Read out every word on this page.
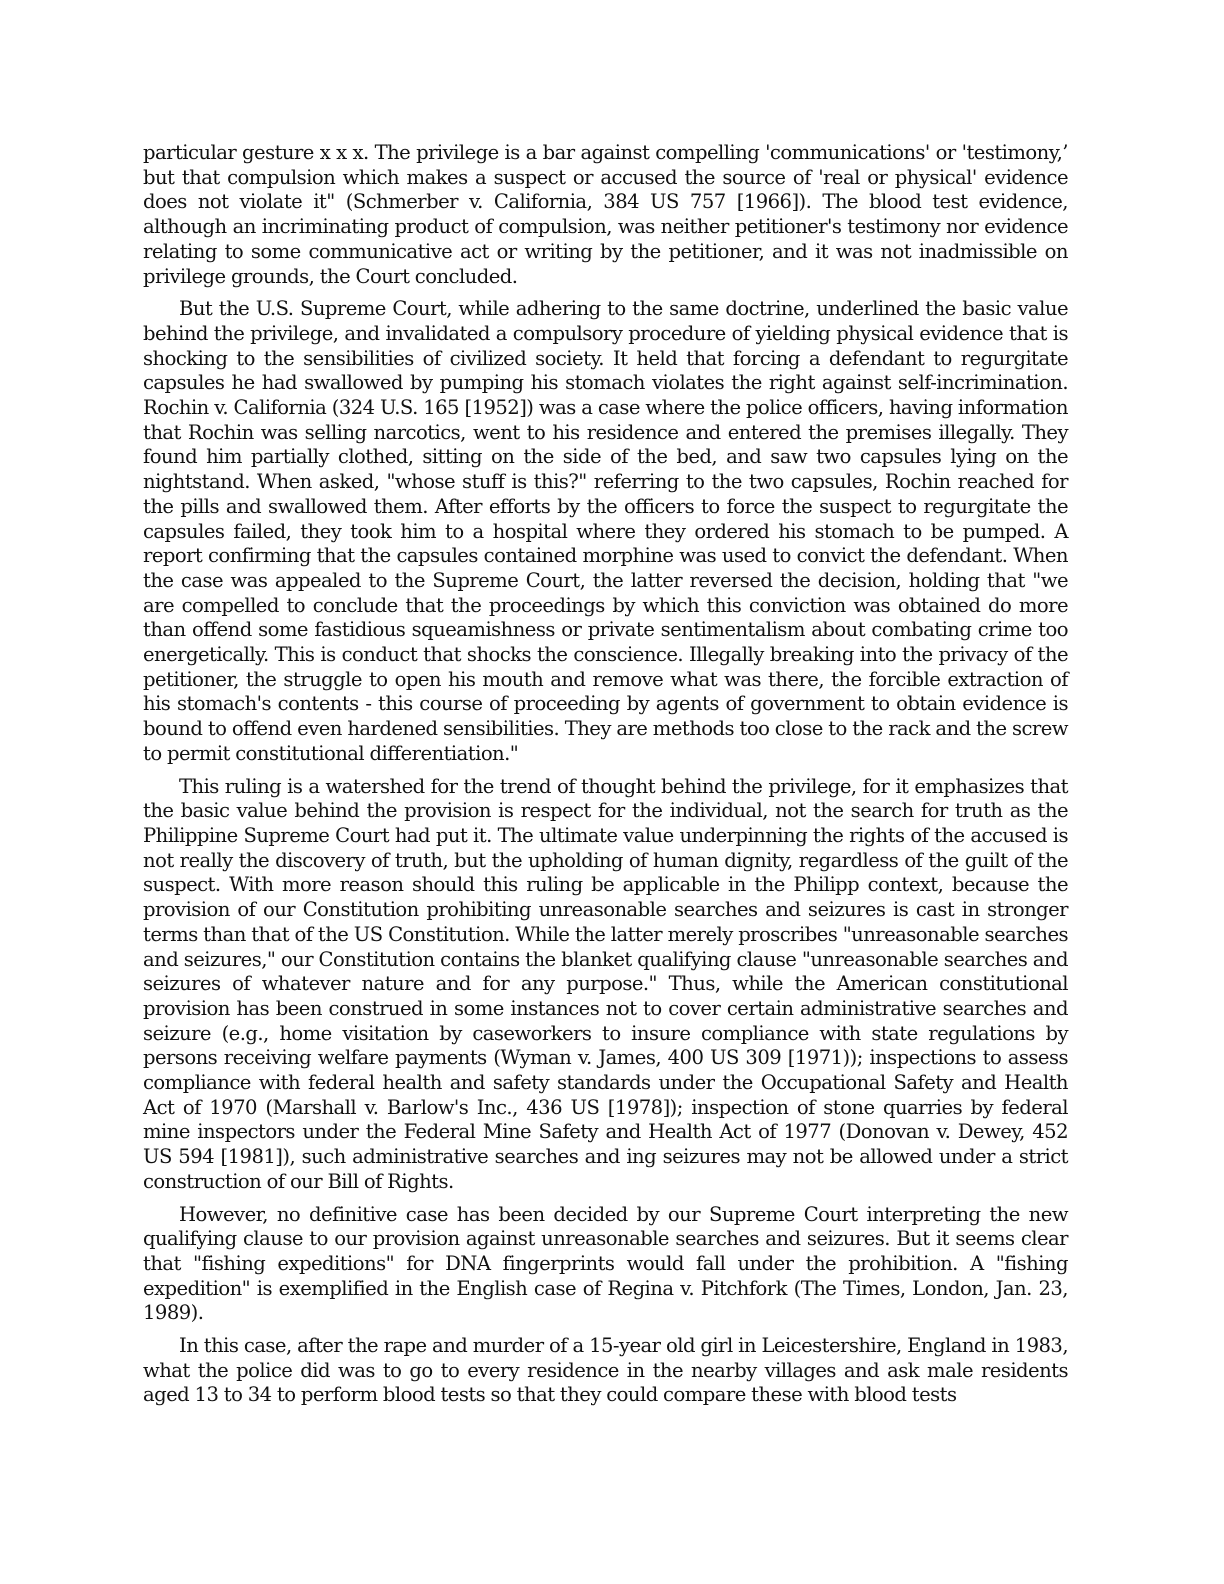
particular gesture x x x. The privilege is a bar against compelling 'communications' or 'testimony,’ but that compulsion which makes a suspect or accused the source of 'real or physical' evidence does not violate it" (Schmerber v. California, 384 US 757 [1966]). The blood test evidence, although an incriminating product of compulsion, was neither petitioner's testimony nor evidence relating to some communicative act or writing by the petitioner, and it was not inadmissible on privilege grounds, the Court concluded.

But the U.S. Supreme Court, while adhering to the same doctrine, underlined the basic value behind the privilege, and invalidated a compulsory procedure of yielding physical evidence that is shocking to the sensibilities of civilized society. It held that forcing a defendant to regurgitate capsules he had swallowed by pumping his stomach violates the right against self-incrimination. Rochin v. California (324 U.S. 165 [1952]) was a case where the police officers, having information that Rochin was selling narcotics, went to his residence and entered the premises illegally. They found him partially clothed, sitting on the side of the bed, and saw two capsules lying on the nightstand. When asked, "whose stuff is this?" referring to the two capsules, Rochin reached for the pills and swallowed them. After efforts by the officers to force the suspect to regurgitate the capsules failed, they took him to a hospital where they ordered his stomach to be pumped. A report confirming that the capsules contained morphine was used to convict the defendant. When the case was appealed to the Supreme Court, the latter reversed the decision, holding that "we are compelled to conclude that the proceedings by which this conviction was obtained do more than offend some fastidious squeamishness or private sentimentalism about combating crime too energetically. This is conduct that shocks the conscience. Illegally breaking into the privacy of the petitioner, the struggle to open his mouth and remove what was there, the forcible extraction of his stomach's contents - this course of proceeding by agents of government to obtain evidence is bound to offend even hardened sensibilities. They are methods too close to the rack and the screw to permit constitutional differentiation."

This ruling is a watershed for the trend of thought behind the privilege, for it emphasizes that the basic value behind the provision is respect for the individual, not the search for truth as the Philippine Supreme Court had put it. The ultimate value underpinning the rights of the accused is not really the discovery of truth, but the upholding of human dignity, regardless of the guilt of the suspect. With more reason should this ruling be applicable in the Philipp context, because the provision of our Constitution prohibiting unreasonable searches and seizures is cast in stronger terms than that of the US Constitution. While the latter merely proscribes "unreasonable searches and seizures," our Constitution contains the blanket qualifying clause "unreasonable searches and seizures of whatever nature and for any purpose." Thus, while the American constitutional provision has been construed in some instances not to cover certain administrative searches and seizure (e.g., home visitation by caseworkers to insure compliance with state regulations by persons receiving welfare payments (Wyman v. James, 400 US 309 [1971)); inspections to assess compliance with federal health and safety standards under the Occupational Safety and Health Act of 1970 (Marshall v. Barlow's Inc., 436 US [1978]); inspection of stone quarries by federal mine inspectors under the Federal Mine Safety and Health Act of 1977 (Donovan v. Dewey, 452 US 594 [1981]), such administrative searches and ing seizures may not be allowed under a strict construction of our Bill of Rights.

However, no definitive case has been decided by our Supreme Court interpreting the new qualifying clause to our provision against unreasonable searches and seizures. But it seems clear that "fishing expeditions" for DNA fingerprints would fall under the prohibition. A "fishing expedition" is exemplified in the English case of Regina v. Pitchfork (The Times, London, Jan. 23, 1989).

In this case, after the rape and murder of a 15-year old girl in Leicestershire, England in 1983, what the police did was to go to every residence in the nearby villages and ask male residents aged 13 to 34 to perform blood tests so that they could compare these with blood tests
